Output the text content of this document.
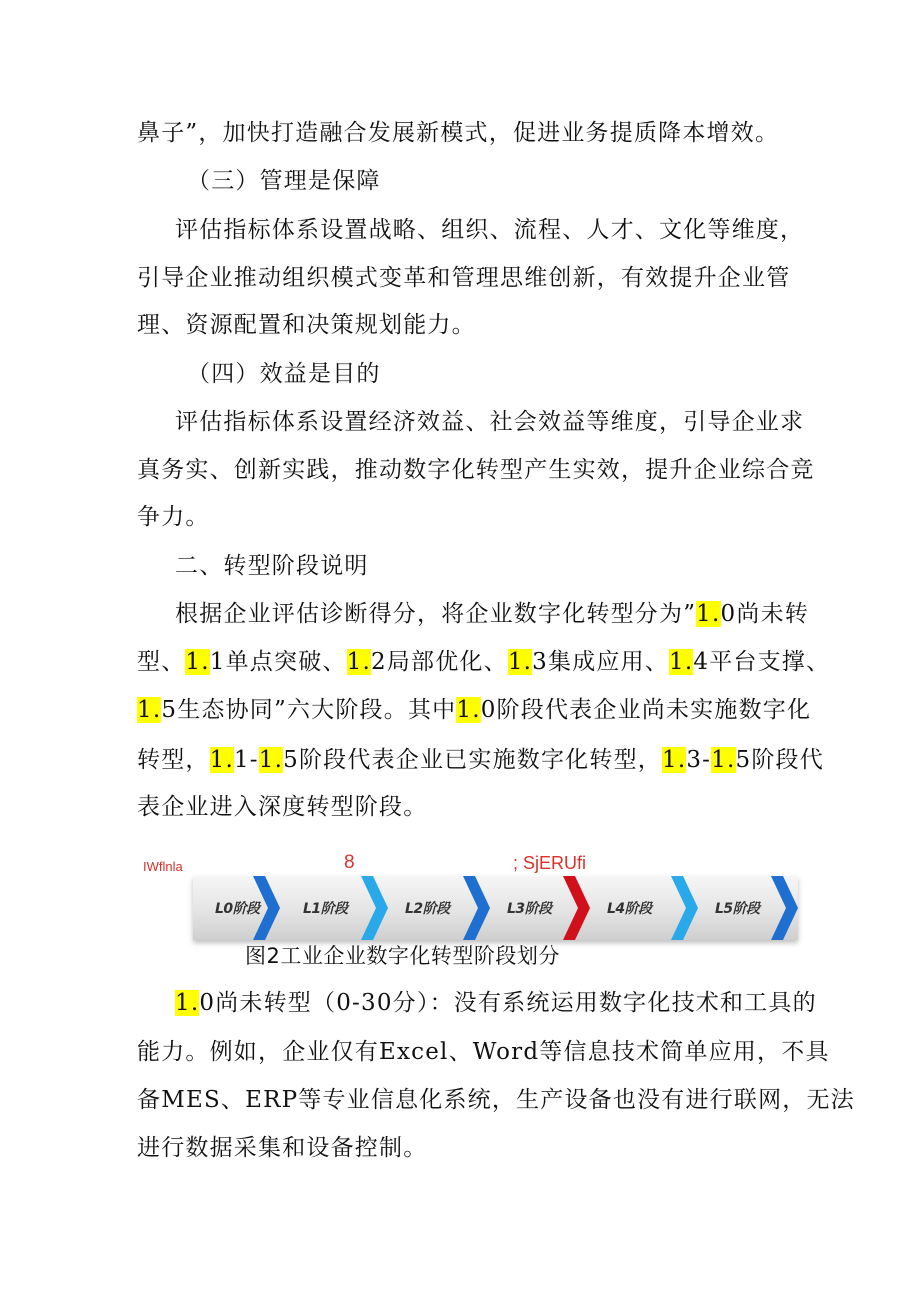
鼻子”，加快打造融合发展新模式，促进业务提质降本增效。
（三）管理是保障
评估指标体系设置战略、组织、流程、人才、文化等维度，
引导企业推动组织模式变革和管理思维创新，有效提升企业管
理、资源配置和决策规划能力。
（四）效益是目的
评估指标体系设置经济效益、社会效益等维度，引导企业求
真务实、创新实践，推动数字化转型产生实效，提升企业综合竞
争力。
二、转型阶段说明
根据企业评估诊断得分，将企业数字化转型分为”1.0尚未转
型、1.1单点突破、1.2局部优化、1.3集成应用、1.4平台支撑、
1.5生态协同”六大阶段。其中1.0阶段代表企业尚未实施数字化
转型，1.1-1.5阶段代表企业已实施数字化转型，1.3-1.5阶段代
表企业进入深度转型阶段。
IWflnla	8	; SjERUfi
L0阶段	L1阶段	L2阶段	L3阶段	L4阶段	L5阶段
图2工业企业数字化转型阶段划分
1.0尚未转型（0-30分）：没有系统运用数字化技术和工具的
能力。例如，企业仅有Excel、Word等信息技术简单应用，不具
备MES、ERP等专业信息化系统，生产设备也没有进行联网，无法
进行数据采集和设备控制。
